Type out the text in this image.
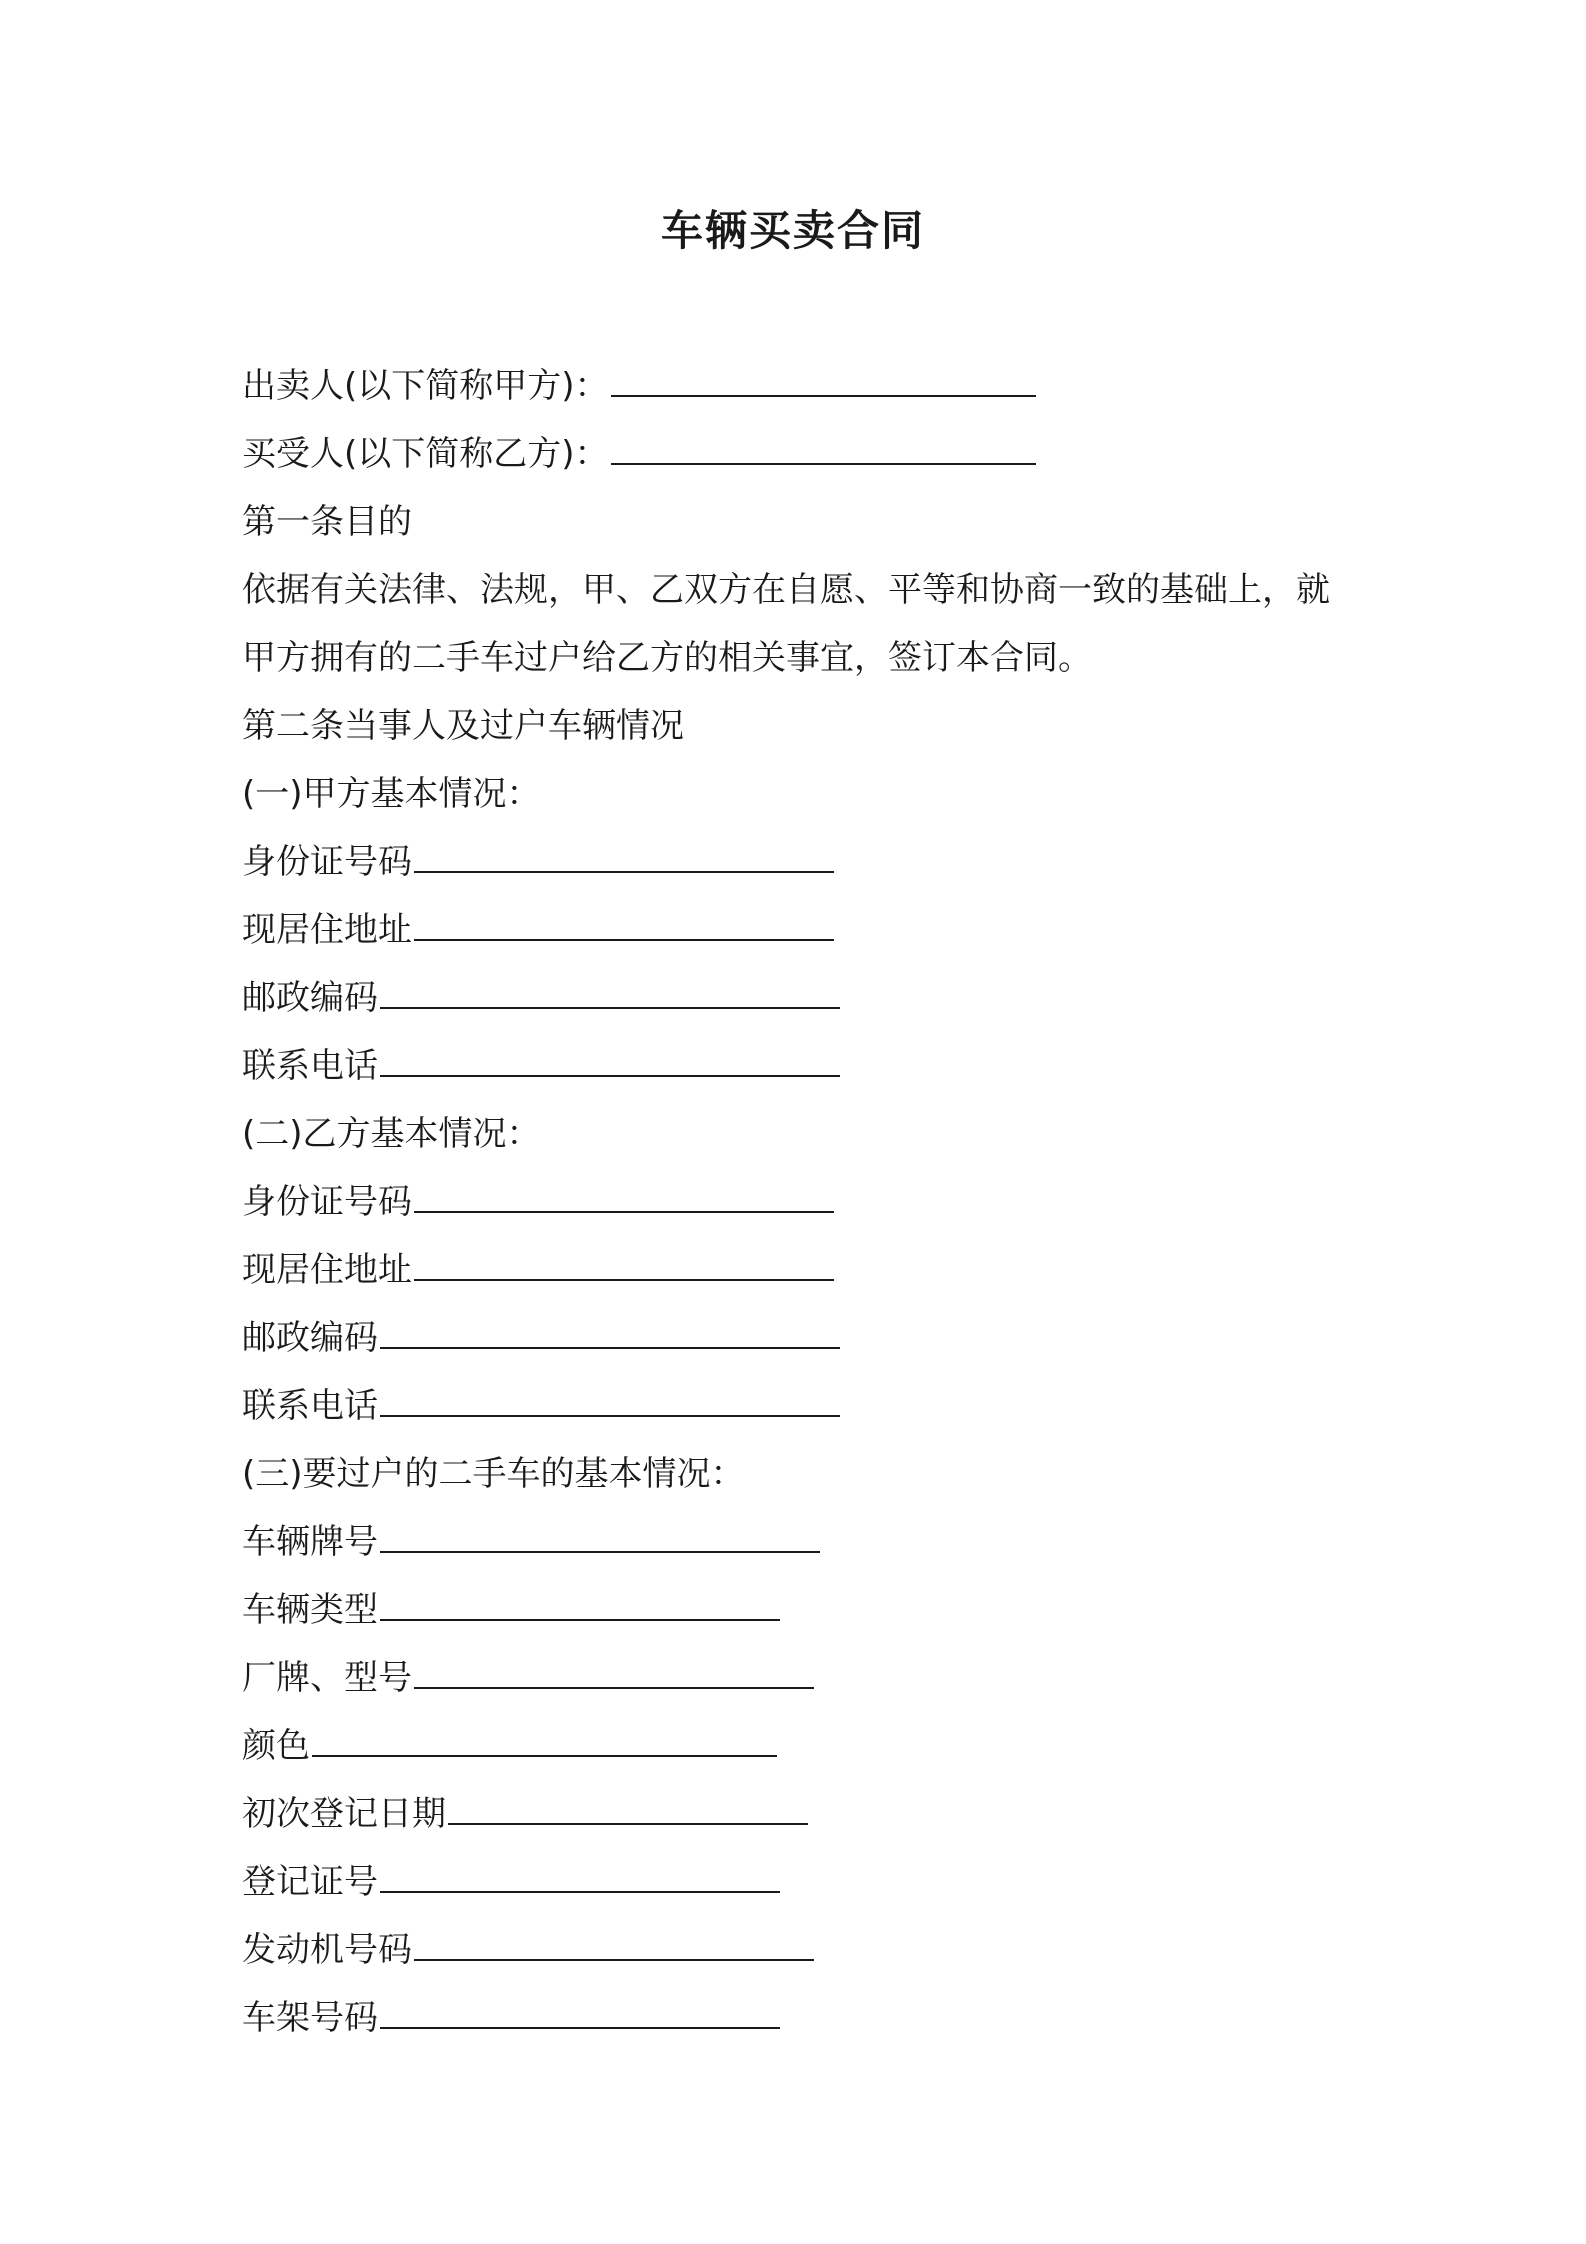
车辆买卖合同
出卖人(以下简称甲方)：
买受人(以下简称乙方)：
第一条目的
依据有关法律、法规，甲、乙双方在自愿、平等和协商一致的基础上，就甲方拥有的二手车过户给乙方的相关事宜，签订本合同。
第二条当事人及过户车辆情况
(一)甲方基本情况：
身份证号码
现居住地址
邮政编码
联系电话
(二)乙方基本情况：
身份证号码
现居住地址
邮政编码
联系电话
(三)要过户的二手车的基本情况：
车辆牌号
车辆类型
厂牌、型号
颜色
初次登记日期
登记证号
发动机号码
车架号码
